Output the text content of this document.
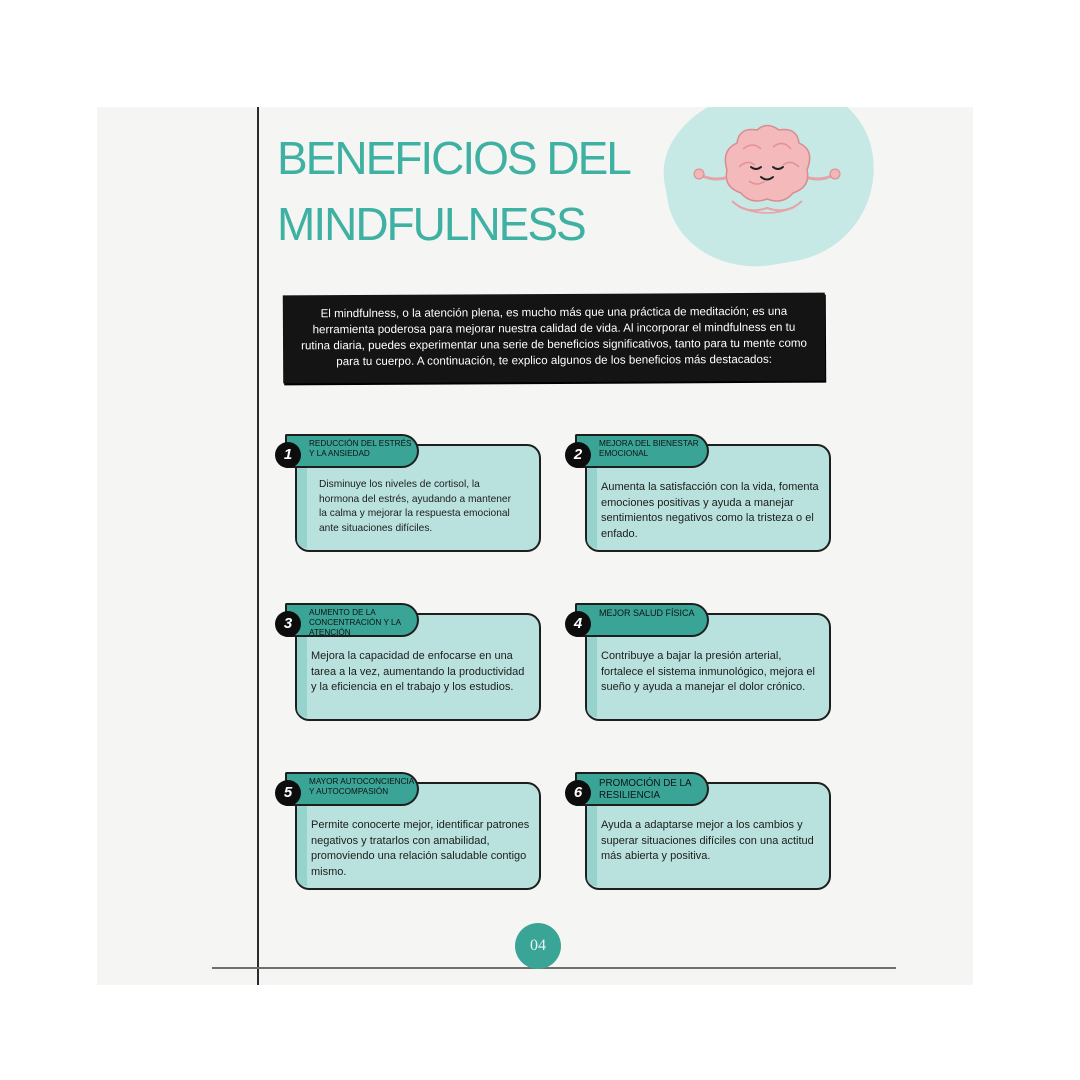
BENEFICIOS DEL
MINDFULNESS
El mindfulness, o la atención plena, es mucho más que una práctica de meditación; es una herramienta poderosa para mejorar nuestra calidad de vida. Al incorporar el mindfulness en tu rutina diaria, puedes experimentar una serie de beneficios significativos, tanto para tu mente como para tu cuerpo. A continuación, te explico algunos de los beneficios más destacados:
REDUCCIÓN DEL ESTRÉS Y LA ANSIEDAD
1
Disminuye los niveles de cortisol, la hormona del estrés, ayudando a mantener la calma y mejorar la respuesta emocional ante situaciones difíciles.
MEJORA DEL BIENESTAR EMOCIONAL
2
Aumenta la satisfacción con la vida, fomenta emociones positivas y ayuda a manejar sentimientos negativos como la tristeza o el enfado.
AUMENTO DE LA CONCENTRACIÓN Y LA ATENCIÓN
3
Mejora la capacidad de enfocarse en una tarea a la vez, aumentando la productividad y la eficiencia en el trabajo y los estudios.
MEJOR SALUD FÍSICA
4
Contribuye a bajar la presión arterial, fortalece el sistema inmunológico, mejora el sueño y ayuda a manejar el dolor crónico.
MAYOR AUTOCONCIENCIA Y AUTOCOMPASIÓN
5
Permite conocerte mejor, identificar patrones negativos y tratarlos con amabilidad, promoviendo una relación saludable contigo mismo.
PROMOCIÓN DE LA RESILIENCIA
6
Ayuda a adaptarse mejor a los cambios y superar situaciones difíciles con una actitud más abierta y positiva.
04
